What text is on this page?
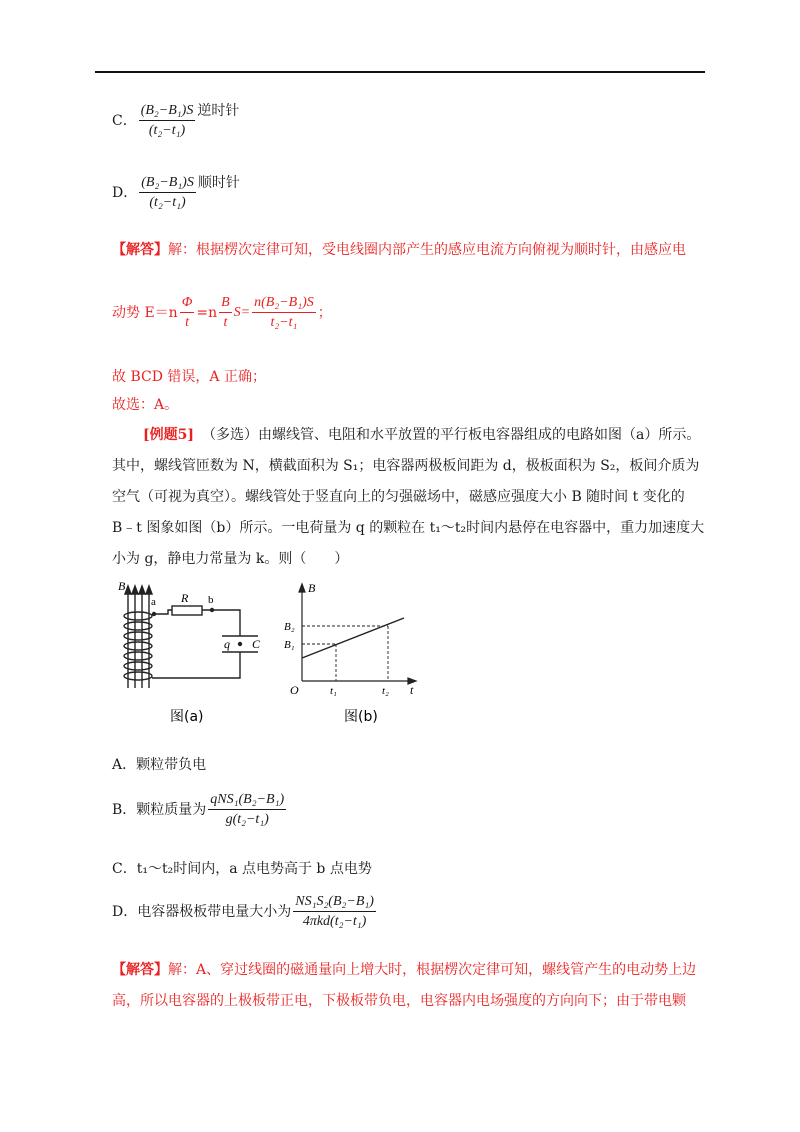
C． $\frac{\text{(B₂−B₁)S}}{\text{(t₂−t₁)}}$ 逆时针
D． $\frac{\text{(B₂−B₁)S}}{\text{(t₂−t₁)}}$ 顺时针
【解答】解：根据楞次定律可知，受电线圈内部产生的感应电流方向俯视为顺时针，由感应电
动势 $E=n \frac{\Phi}{t} =n \frac{B}{t} S= \frac{\text{n(B₂−B₁)S}}{\text{t₂−t₁}}$ ；
故 BCD 错误，A 正确；
故选：A。
[例题5] （多选）由螺线管、电阻和水平放置的平行板电容器组成的电路如图（a）所示。
其中，螺线管匝数为 N，横截面积为 S₁；电容器两极板间距为 d，极板面积为 S₂，板间介质为
空气（可视为真空）。螺线管处于竖直向上的匀强磁场中，磁感应强度大小 B 随时间 t 变化的
B﹣t 图象如图（b）所示。一电荷量为 q 的颗粒在 t₁～t₂时间内悬停在电容器中，重力加速度大
小为 g，静电力常量为 k。则（　　）
B
a R b
q C
B
B₂
B₁
O	t₁	t₂ t
图(a)	图(b)
A．颗粒带负电
B．颗粒质量为 $\frac{\text{qNS₁(B₂−B₁)}}{\text{g(t₂−t₁)}}$
C．t₁～t₂时间内，a 点电势高于 b 点电势
D．电容器极板带电量大小为 $\frac{\text{NS₁S₂(B₂−B₁)}}{\text{4πkd(t₂−t₁)}}$
【解答】解：A、穿过线圈的磁通量向上增大时，根据楞次定律可知，螺线管产生的电动势上边
高，所以电容器的上极板带正电，下极板带负电，电容器内电场强度的方向向下；由于带电颗
